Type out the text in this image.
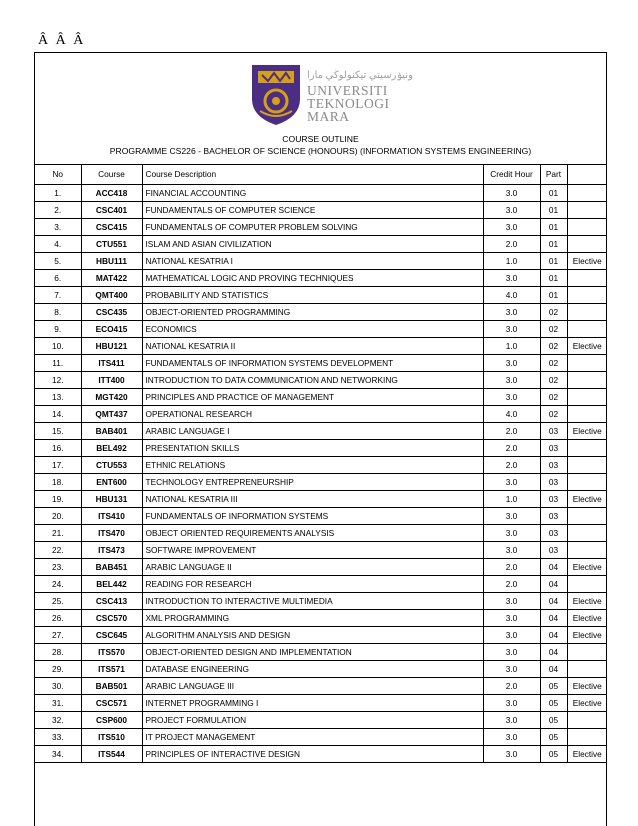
Â Â Â
ونيۏرسيتي تيكنولوڬي مارا
UNIVERSITI
TEKNOLOGI
MARA
COURSE OUTLINE
PROGRAMME CS226 - BACHELOR OF SCIENCE (HONOURS) (INFORMATION SYSTEMS ENGINEERING)
No	Course	Course Description	Credit Hour	Part	
1.	ACC418	FINANCIAL ACCOUNTING	3.0	01	
2.	CSC401	FUNDAMENTALS OF COMPUTER SCIENCE	3.0	01	
3.	CSC415	FUNDAMENTALS OF COMPUTER PROBLEM SOLVING	3.0	01	
4.	CTU551	ISLAM AND ASIAN CIVILIZATION	2.0	01	
5.	HBU111	NATIONAL KESATRIA I	1.0	01	Elective
6.	MAT422	MATHEMATICAL LOGIC AND PROVING TECHNIQUES	3.0	01	
7.	QMT400	PROBABILITY AND STATISTICS	4.0	01	
8.	CSC435	OBJECT-ORIENTED PROGRAMMING	3.0	02	
9.	ECO415	ECONOMICS	3.0	02	
10.	HBU121	NATIONAL KESATRIA II	1.0	02	Elective
11.	ITS411	FUNDAMENTALS OF INFORMATION SYSTEMS DEVELOPMENT	3.0	02	
12.	ITT400	INTRODUCTION TO DATA COMMUNICATION AND NETWORKING	3.0	02	
13.	MGT420	PRINCIPLES AND PRACTICE OF MANAGEMENT	3.0	02	
14.	QMT437	OPERATIONAL RESEARCH	4.0	02	
15.	BAB401	ARABIC LANGUAGE I	2.0	03	Elective
16.	BEL492	PRESENTATION SKILLS	2.0	03	
17.	CTU553	ETHNIC RELATIONS	2.0	03	
18.	ENT600	TECHNOLOGY ENTREPRENEURSHIP	3.0	03	
19.	HBU131	NATIONAL KESATRIA III	1.0	03	Elective
20.	ITS410	FUNDAMENTALS OF INFORMATION SYSTEMS	3.0	03	
21.	ITS470	OBJECT ORIENTED REQUIREMENTS ANALYSIS	3.0	03	
22.	ITS473	SOFTWARE IMPROVEMENT	3.0	03	
23.	BAB451	ARABIC LANGUAGE II	2.0	04	Elective
24.	BEL442	READING FOR RESEARCH	2.0	04	
25.	CSC413	INTRODUCTION TO INTERACTIVE MULTIMEDIA	3.0	04	Elective
26.	CSC570	XML PROGRAMMING	3.0	04	Elective
27.	CSC645	ALGORITHM ANALYSIS AND DESIGN	3.0	04	Elective
28.	ITS570	OBJECT-ORIENTED DESIGN AND IMPLEMENTATION	3.0	04	
29.	ITS571	DATABASE ENGINEERING	3.0	04	
30.	BAB501	ARABIC LANGUAGE III	2.0	05	Elective
31.	CSC571	INTERNET PROGRAMMING I	3.0	05	Elective
32.	CSP600	PROJECT FORMULATION	3.0	05	
33.	ITS510	IT PROJECT MANAGEMENT	3.0	05	
34.	ITS544	PRINCIPLES OF INTERACTIVE DESIGN	3.0	05	Elective
